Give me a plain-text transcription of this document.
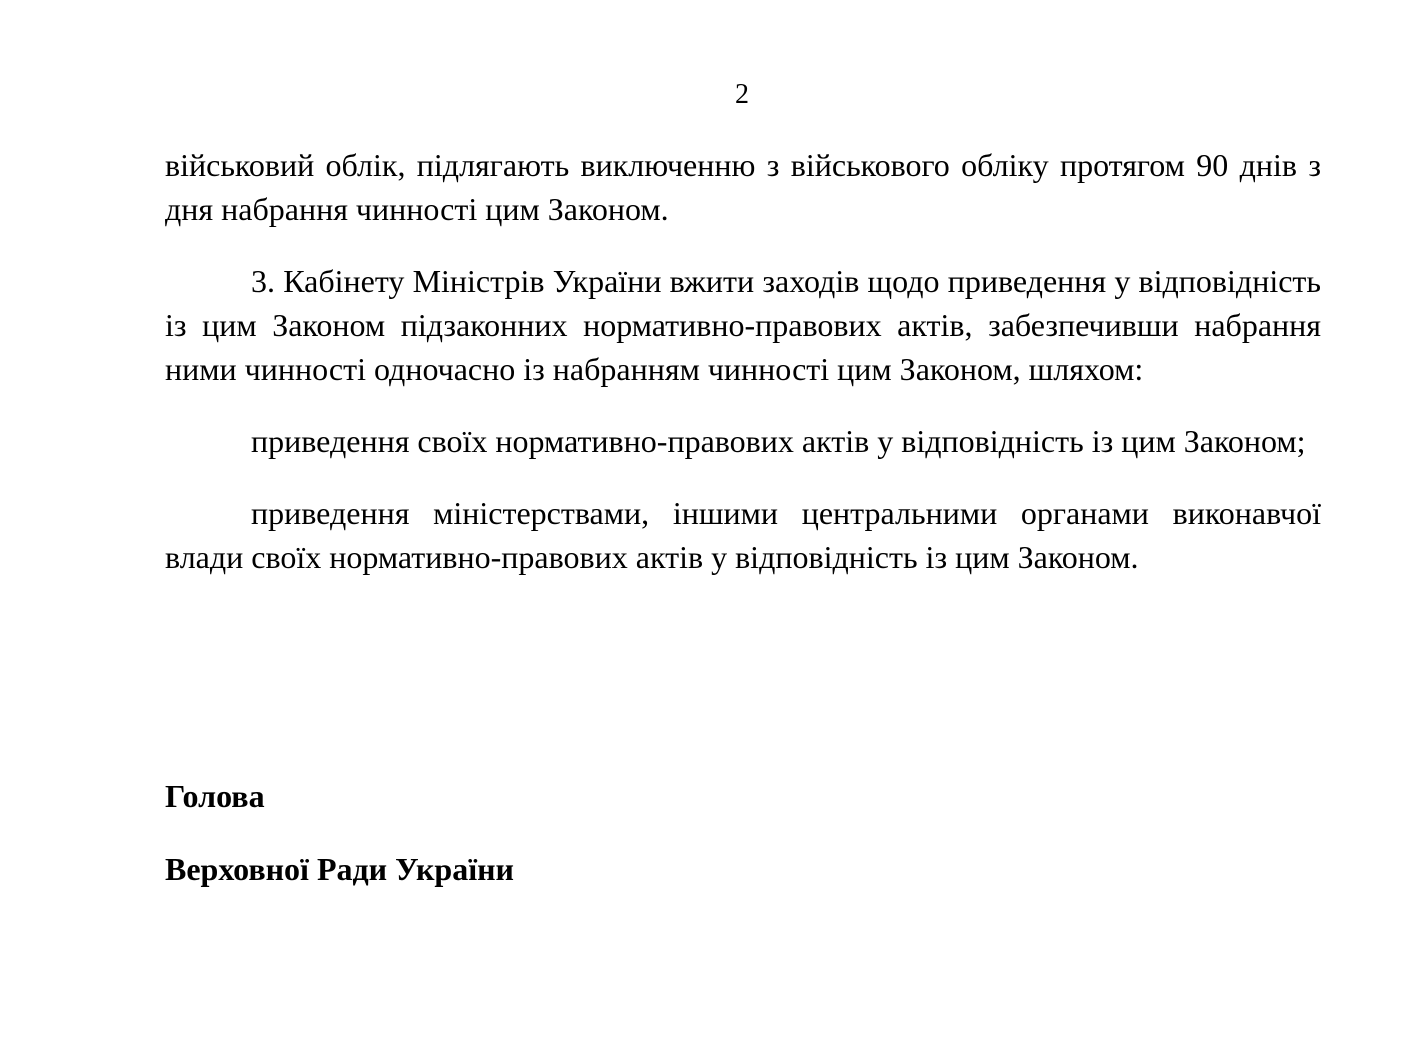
2

військовий облік, підлягають виключенню з військового обліку протягом 90 днів з дня набрання чинності цим Законом.

3. Кабінету Міністрів України вжити заходів щодо приведення у відповідність із цим Законом підзаконних нормативно-правових актів, забезпечивши набрання ними чинності одночасно із набранням чинності цим Законом, шляхом:

приведення своїх нормативно-правових актів у відповідність із цим Законом;

приведення міністерствами, іншими центральними органами виконавчої влади своїх нормативно-правових актів у відповідність із цим Законом.

Голова
Верховної Ради України
